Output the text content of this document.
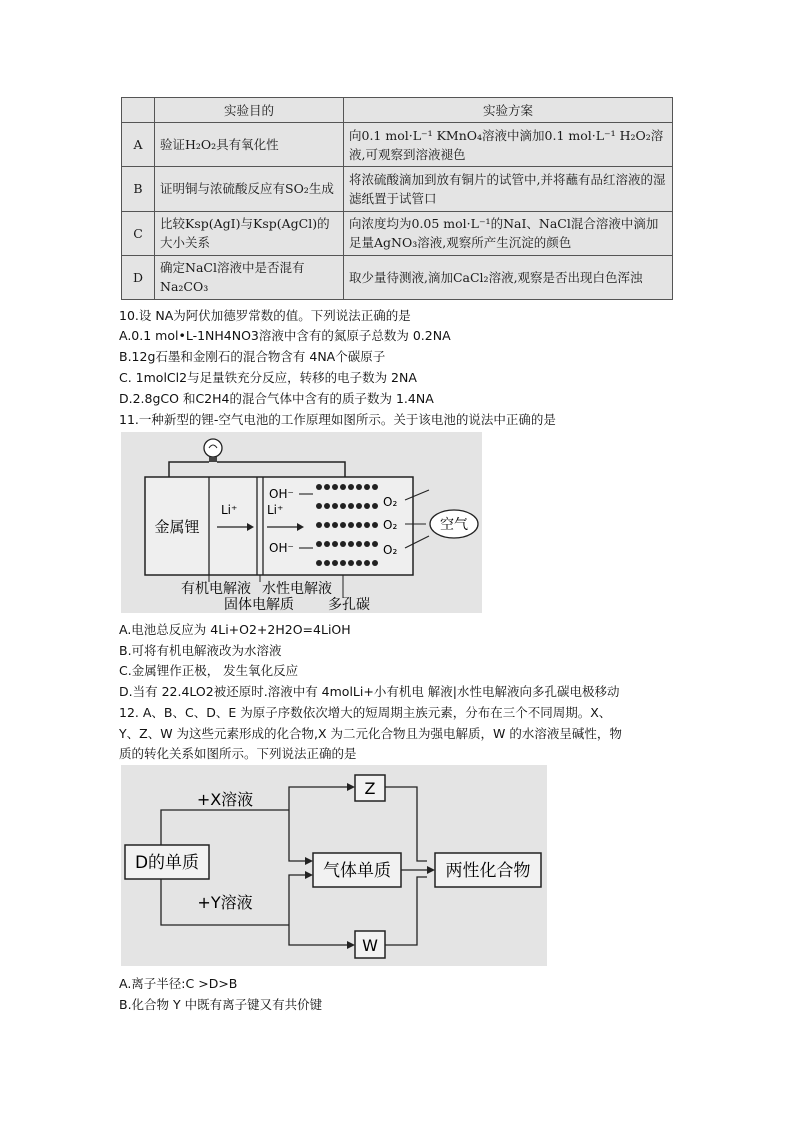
	实验目的	实验方案
A	验证H₂O₂具有氧化性	向0.1 mol·L⁻¹ KMnO₄溶液中滴加0.1 mol·L⁻¹ H₂O₂溶液,可观察到溶液褪色
B	证明铜与浓硫酸反应有SO₂生成	将浓硫酸滴加到放有铜片的试管中,并将蘸有品红溶液的湿滤纸置于试管口
C	比较Ksp(AgI)与Ksp(AgCl)的大小关系	向浓度均为0.05 mol·L⁻¹的NaI、NaCl混合溶液中滴加足量AgNO₃溶液,观察所产生沉淀的颜色
D	确定NaCl溶液中是否混有Na₂CO₃	取少量待测液,滴加CaCl₂溶液,观察是否出现白色浑浊
10.设 NA为阿伏加德罗常数的值。下列说法正确的是
A.0.1 mol•L-1NH4NO3溶液中含有的氮原子总数为 0.2NA
B.12g石墨和金刚石的混合物含有 4NA个碳原子
C. 1molCl2与足量铁充分反应，转移的电子数为 2NA
D.2.8gCO 和C2H4的混合气体中含有的质子数为 1.4NA
11.一种新型的锂-空气电池的工作原理如图所示。关于该电池的说法中正确的是
金属锂
Li⁺ Li⁺
OH⁻
OH⁻
O₂
O₂
O₂
空气
有机电解液 水性电解液
固体电解质 多孔碳
A.电池总反应为 4Li+O2+2H2O=4LiOH
B.可将有机电解液改为水溶液
C.金属锂作正极， 发生氧化反应
D.当有 22.4LO2被还原时.溶液中有 4molLi+小有机电 解液|水性电解液向多孔碳电极移动
12. A、B、C、D、E 为原子序数依次增大的短周期主族元素，分布在三个不同周期。X、
Y、Z、W 为这些元素形成的化合物,X 为二元化合物且为强电解质，W 的水溶液呈碱性，物
质的转化关系如图所示。下列说法正确的是
D的单质
+X溶液
+Y溶液
Z
W
气体单质	两性化合物
A.离子半径:C >D>B
B.化合物 Y 中既有离子键又有共价键
